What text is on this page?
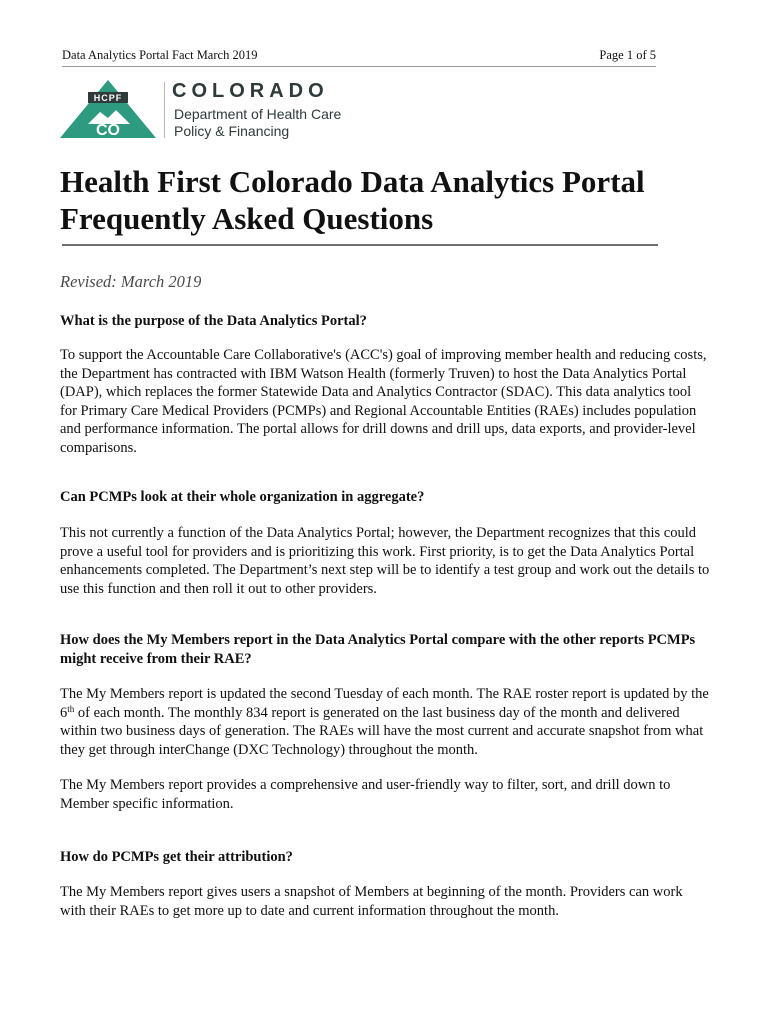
Data Analytics Portal Fact March 2019	Page 1 of 5
HCPF
CO
COLORADO
Department of Health Care
Policy & Financing
Health First Colorado Data Analytics Portal
Frequently Asked Questions
Revised: March 2019

What is the purpose of the Data Analytics Portal?

To support the Accountable Care Collaborative's (ACC's) goal of improving member health and reducing costs, the Department has contracted with IBM Watson Health (formerly Truven) to host the Data Analytics Portal (DAP), which replaces the former Statewide Data and Analytics Contractor (SDAC). This data analytics tool for Primary Care Medical Providers (PCMPs) and Regional Accountable Entities (RAEs) includes population and performance information. The portal allows for drill downs and drill ups, data exports, and provider-level comparisons.

Can PCMPs look at their whole organization in aggregate?

This not currently a function of the Data Analytics Portal; however, the Department recognizes that this could prove a useful tool for providers and is prioritizing this work. First priority, is to get the Data Analytics Portal enhancements completed. The Department’s next step will be to identify a test group and work out the details to use this function and then roll it out to other providers.

How does the My Members report in the Data Analytics Portal compare with the other reports PCMPs might receive from their RAE?

The My Members report is updated the second Tuesday of each month. The RAE roster report is updated by the 6th of each month. The monthly 834 report is generated on the last business day of the month and delivered within two business days of generation. The RAEs will have the most current and accurate snapshot from what they get through interChange (DXC Technology) throughout the month.

The My Members report provides a comprehensive and user-friendly way to filter, sort, and drill down to Member specific information.

How do PCMPs get their attribution?

The My Members report gives users a snapshot of Members at beginning of the month. Providers can work with their RAEs to get more up to date and current information throughout the month.
